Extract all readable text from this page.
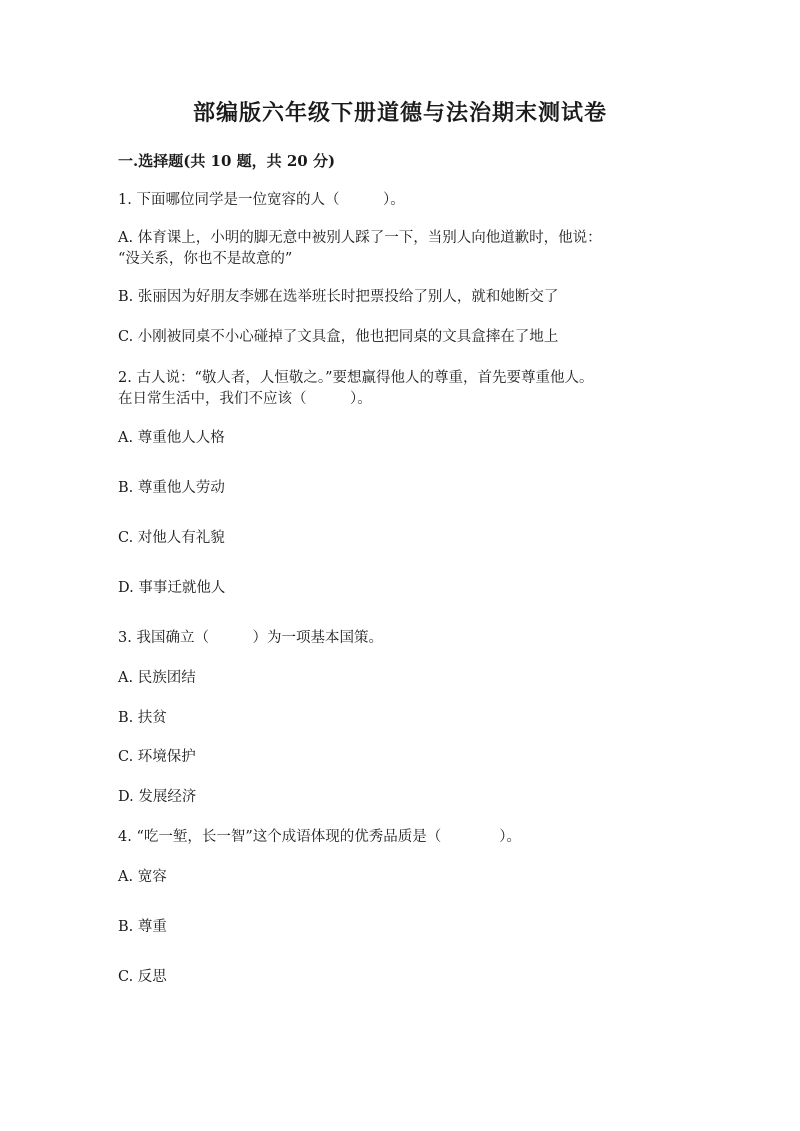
部编版六年级下册道德与法治期末测试卷
一.选择题(共 10 题，共 20 分)
1. 下面哪位同学是一位宽容的人（　　　）。
A. 体育课上，小明的脚无意中被别人踩了一下，当别人向他道歉时，他说：
“没关系，你也不是故意的”
B. 张丽因为好朋友李娜在选举班长时把票投给了别人，就和她断交了
C. 小刚被同桌不小心碰掉了文具盒，他也把同桌的文具盒摔在了地上
2. 古人说：“敬人者，人恒敬之。”要想赢得他人的尊重，首先要尊重他人。
在日常生活中，我们不应该（　　　）。
A. 尊重他人人格
B. 尊重他人劳动
C. 对他人有礼貌
D. 事事迁就他人
3. 我国确立（　　　）为一项基本国策。
A. 民族团结
B. 扶贫
C. 环境保护
D. 发展经济
4. “吃一堑，长一智”这个成语体现的优秀品质是（　　　　）。
A. 宽容
B. 尊重
C. 反思
